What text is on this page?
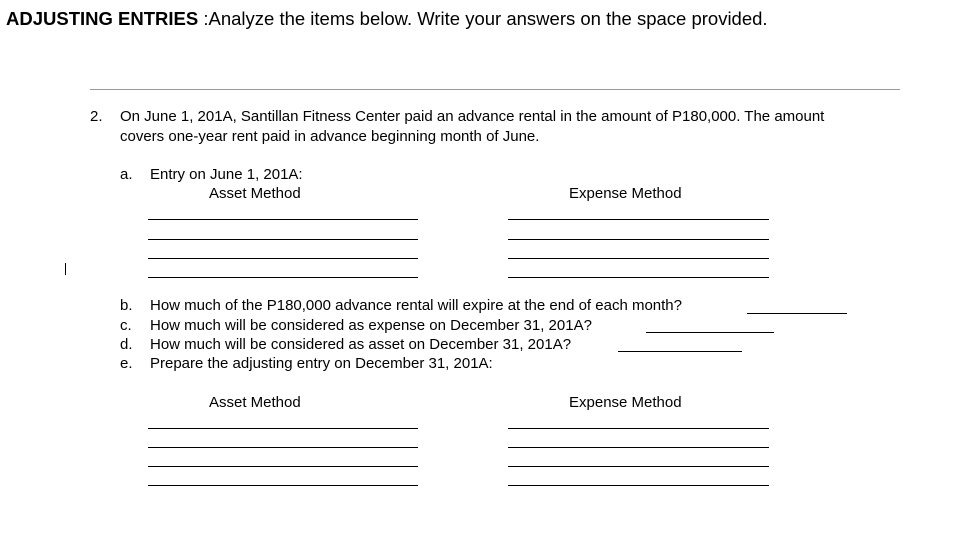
ADJUSTING ENTRIES :Analyze the items below. Write your answers on the space provided.
2. On June 1, 201A, Santillan Fitness Center paid an advance rental in the amount of P180,000. The amount
covers one-year rent paid in advance beginning month of June.
a. Entry on June 1, 201A:
Asset Method	Expense Method
b. How much of the P180,000 advance rental will expire at the end of each month?
c. How much will be considered as expense on December 31, 201A?
d. How much will be considered as asset on December 31, 201A?
e. Prepare the adjusting entry on December 31, 201A:
Asset Method	Expense Method
